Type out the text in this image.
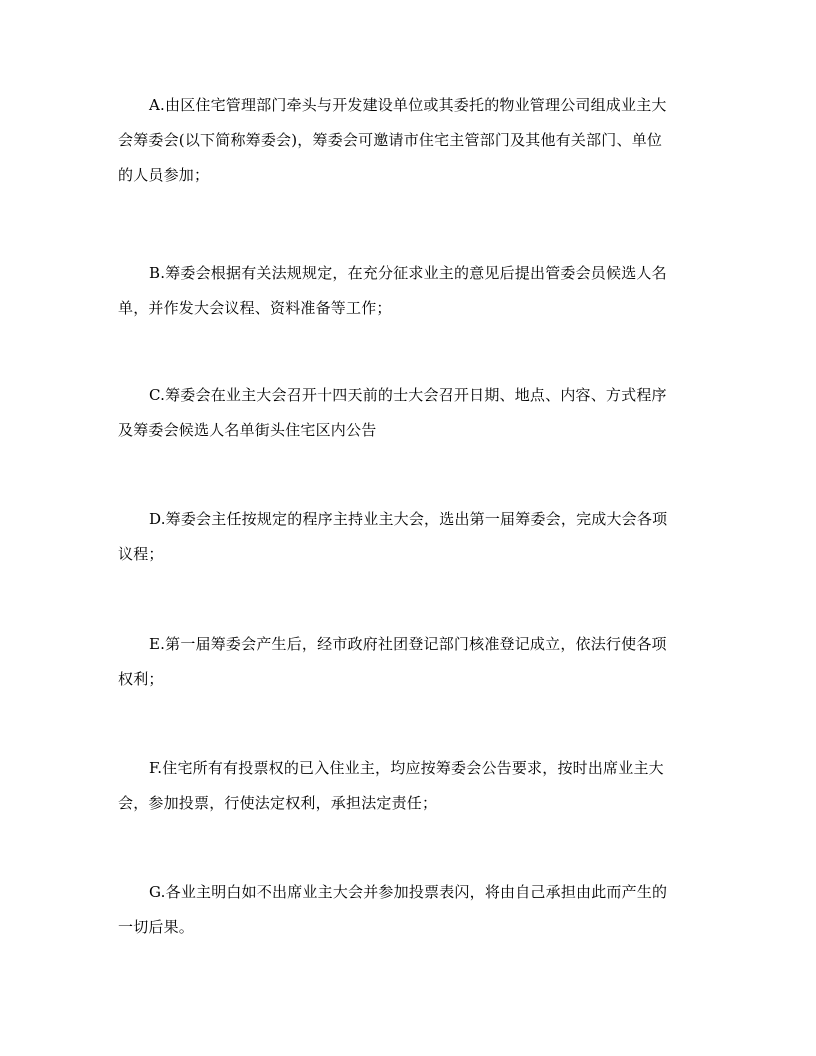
A.由区住宅管理部门牵头与开发建设单位或其委托的物业管理公司组成业主大
会筹委会(以下简称筹委会)，筹委会可邀请市住宅主管部门及其他有关部门、单位
的人员参加；
B.筹委会根据有关法规规定，在充分征求业主的意见后提出管委会员候选人名
单，并作发大会议程、资料准备等工作；
C.筹委会在业主大会召开十四天前的士大会召开日期、地点、内容、方式程序
及筹委会候选人名单街头住宅区内公告
D.筹委会主任按规定的程序主持业主大会，选出第一届筹委会，完成大会各项
议程；
E.第一届筹委会产生后，经市政府社团登记部门核准登记成立，依法行使各项
权利；
F.住宅所有有投票权的已入住业主，均应按筹委会公告要求，按时出席业主大
会，参加投票，行使法定权利，承担法定责任；
G.各业主明白如不出席业主大会并参加投票表闪，将由自己承担由此而产生的
一切后果。
